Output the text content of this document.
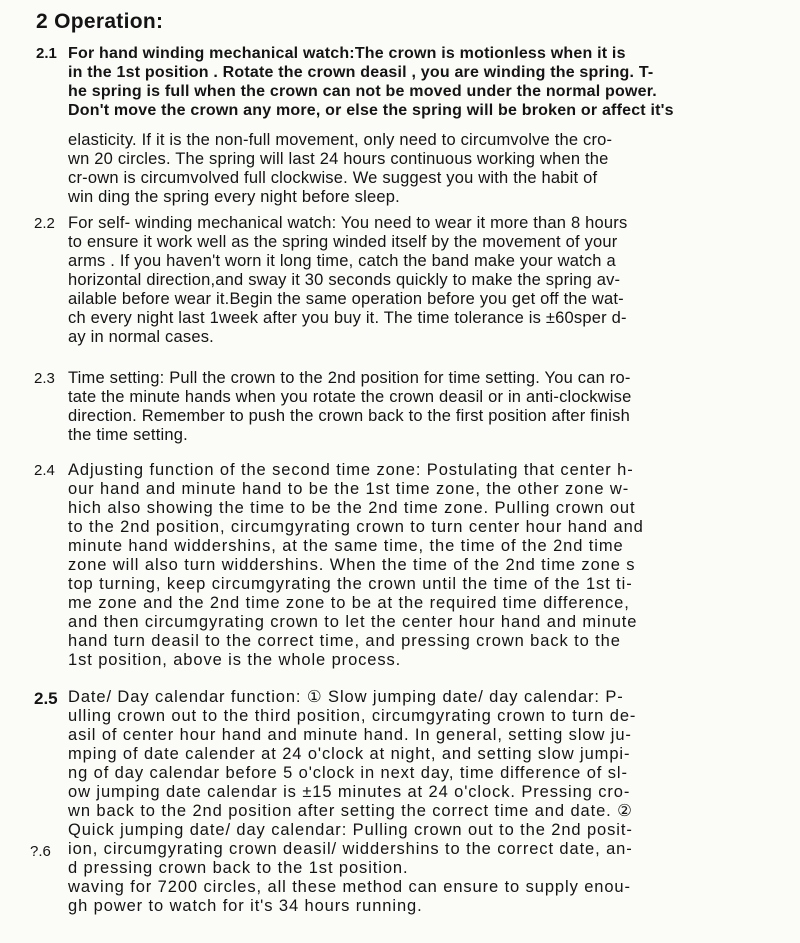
2 Operation:
2.1 For hand winding mechanical watch:The crown is motionless when it is
in the 1st position . Rotate the crown deasil , you are winding the spring. T-
he spring is full when the crown can not be moved under the normal power.
Don't move the crown any more, or else the spring will be broken or affect it's
elasticity. If it is the non-full movement, only need to circumvolve the cro-
wn 20 circles. The spring will last 24 hours continuous working when the
cr-own is circumvolved full clockwise. We suggest you with the habit of
win ding the spring every night before sleep.
2.2 For self- winding mechanical watch: You need to wear it more than 8 hours
to ensure it work well as the spring winded itself by the movement of your
arms . If you haven't worn it long time, catch the band make your watch a
horizontal direction,and sway it 30 seconds quickly to make the spring av-
ailable before wear it.Begin the same operation before you get off the wat-
ch every night last 1week after you buy it. The time tolerance is ±60sper d-
ay in normal cases.
2.3 Time setting: Pull the crown to the 2nd position for time setting. You can ro-
tate the minute hands when you rotate the crown deasil or in anti-clockwise
direction. Remember to push the crown back to the first position after finish
the time setting.
2.4 Adjusting function of the second time zone: Postulating that center h-
our hand and minute hand to be the 1st time zone, the other zone w-
hich also showing the time to be the 2nd time zone. Pulling crown out
to the 2nd position, circumgyrating crown to turn center hour hand and
minute hand widdershins, at the same time, the time of the 2nd time
zone will also turn widdershins. When the time of the 2nd time zone s
top turning, keep circumgyrating the crown until the time of the 1st ti-
me zone and the 2nd time zone to be at the required time difference,
and then circumgyrating crown to let the center hour hand and minute
hand turn deasil to the correct time, and pressing crown back to the
1st position, above is the whole process.
2.5 Date/ Day calendar function: ① Slow jumping date/ day calendar: P-
ulling crown out to the third position, circumgyrating crown to turn de-
asil of center hour hand and minute hand. In general, setting slow ju-
mping of date calender at 24 o'clock at night, and setting slow jumpi-
ng of day calendar before 5 o'clock in next day, time difference of sl-
ow jumping date calendar is ±15 minutes at 24 o'clock. Pressing cro-
wn back to the 2nd position after setting the correct time and date. ②
Quick jumping date/ day calendar: Pulling crown out to the 2nd posit-
ion, circumgyrating crown deasil/ widdershins to the correct date, an-
d pressing crown back to the 1st position.
?.6
waving for 7200 circles, all these method can ensure to supply enou-
gh power to watch for it's 34 hours running.
